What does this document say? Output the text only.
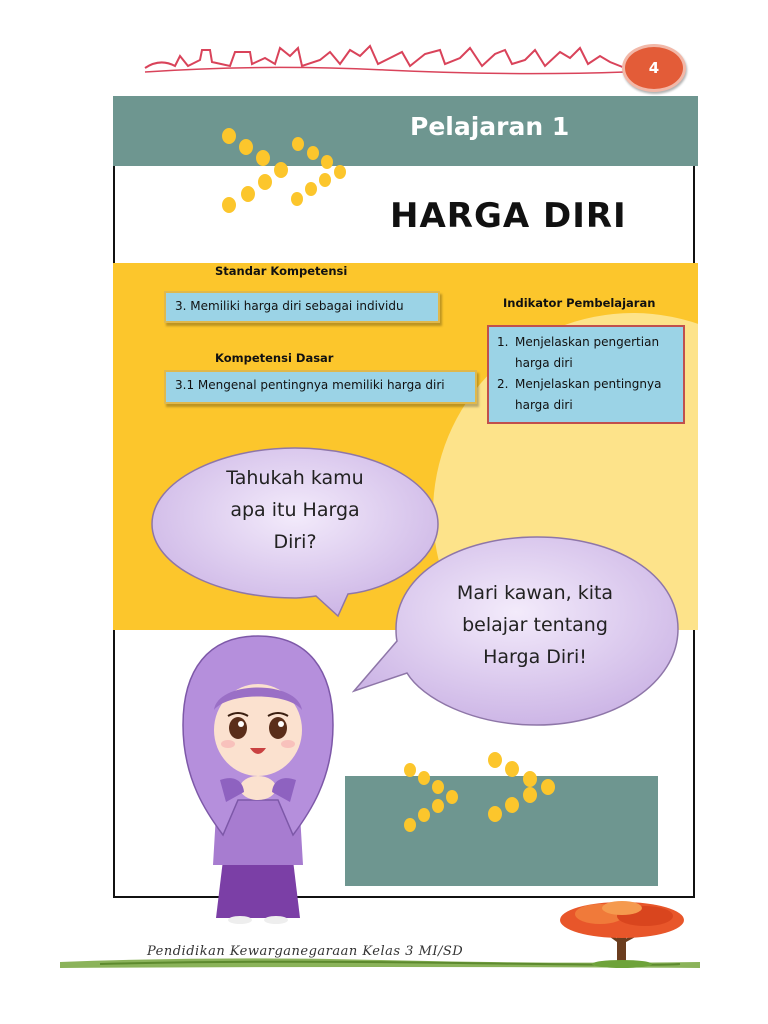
4
Pelajaran 1
HARGA DIRI
Standar Kompetensi
3. Memiliki harga diri sebagai individu
Kompetensi Dasar
3.1 Mengenal pentingnya memiliki harga diri
Indikator Pembelajaran
1. Menjelaskan pengertian
harga diri
2. Menjelaskan pentingnya
harga diri
Tahukah kamu
apa itu Harga
Diri?
Mari kawan, kita
belajar tentang
Harga Diri!
Pendidikan Kewarganegaraan Kelas 3 MI/SD
